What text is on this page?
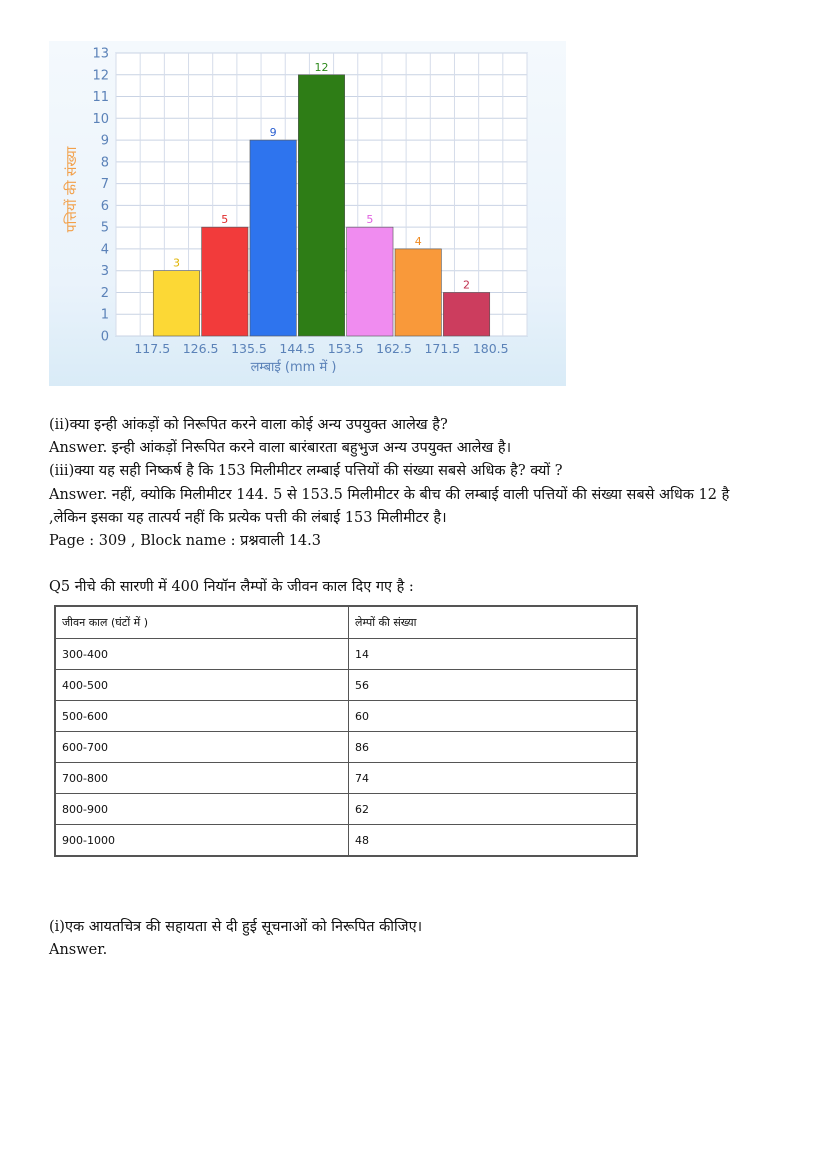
3
5
9
12
5
4
2
0
1
2
3
4
5
6
7
8
9
10
11
12
13
117.5 126.5 135.5 144.5 153.5 162.5 171.5 180.5
लम्बाई (mm में )
पत्तियों की संख्या
(ii)क्या इन्ही आंकड़ों को निरूपित करने वाला कोई अन्य उपयुक्त आलेख है?
Answer. इन्ही आंकड़ों निरूपित करने वाला बारंबारता बहुभुज अन्य उपयुक्त आलेख है।
(iii)क्या यह सही निष्कर्ष है कि 153 मिलीमीटर लम्बाई पत्तियों की संख्या सबसे अधिक है? क्यों ?
Answer. नहीं, क्योकि मिलीमीटर 144. 5 से 153.5 मिलीमीटर के बीच की लम्बाई वाली पत्तियों की संख्या सबसे अधिक 12 है
,लेकिन इसका यह तात्पर्य नहीं कि प्रत्येक पत्ती की लंबाई 153 मिलीमीटर है।
Page : 309 , Block name : प्रश्नवाली 14.3
Q5 नीचे की सारणी में 400 नियॉन लैम्पों के जीवन काल दिए गए है :
जीवन काल (घंटों में )	लेम्पों की संख्या
300-400	14
400-500	56
500-600	60
600-700	86
700-800	74
800-900	62
900-1000	48
(i)एक आयतचित्र की सहायता से दी हुई सूचनाओं को निरूपित कीजिए।
Answer.
